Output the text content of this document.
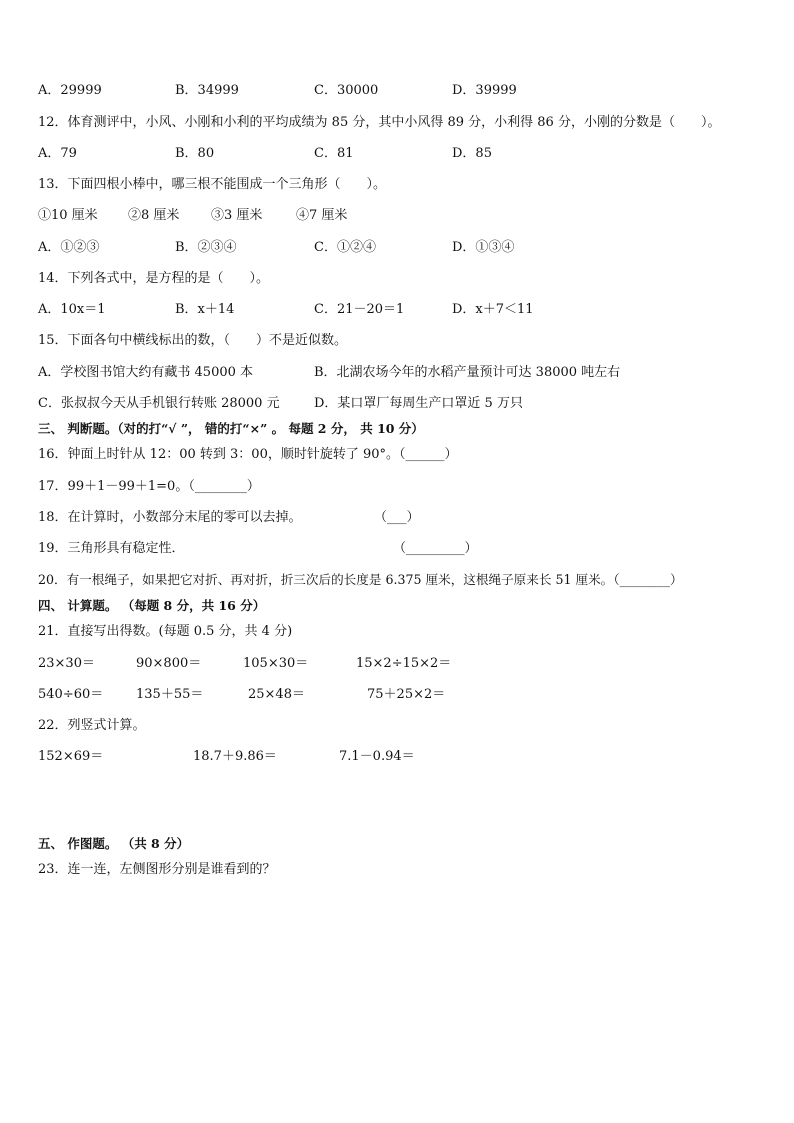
A．29999	B．34999	C．30000	D．39999
12．体育测评中，小风、小刚和小利的平均成绩为 85 分，其中小风得 89 分，小利得 86 分，小刚的分数是（　　）。
A．79	B．80	C．81	D．85
13．下面四根小棒中，哪三根不能围成一个三角形（　　）。
①10 厘米 ②8 厘米 ③3 厘米	④7 厘米
A．①②③	B．②③④	C．①②④	D．①③④
14．下列各式中，是方程的是（　　）。
A．10x＝1	B．x＋14	C．21－20＝1	D．x＋7＜11
15．下面各句中横线标出的数，（　　）不是近似数。
A．学校图书馆大约有藏书 45000 本	B．北湖农场今年的水稻产量预计可达 38000 吨左右
C．张叔叔今天从手机银行转账 28000 元	D．某口罩厂每周生产口罩近 5 万只
三、 判断题。（对的打“√ ”， 错的打“×” 。 每题 2 分， 共 10 分）
16．钟面上时针从 12：00 转到 3：00，顺时针旋转了 90°。（______）
17．99＋1－99＋1=0。（________）
18．在计算时，小数部分末尾的零可以去掉。	（___）
19．三角形具有稳定性．	（_________）
20．有一根绳子，如果把它对折、再对折，折三次后的长度是 6.375 厘米，这根绳子原来长 51 厘米。（________）
四、 计算题。 （每题 8 分，共 16 分）
21．直接写出得数。(每题 0.5 分，共 4 分)
23×30＝	90×800＝	105×30＝	15×2÷15×2＝
540÷60＝	135＋55＝	25×48＝	75＋25×2＝
22．列竖式计算。
152×69＝	18.7＋9.86＝	7.1－0.94＝
五、 作图题。 （共 8 分）
23．连一连，左侧图形分别是谁看到的？
